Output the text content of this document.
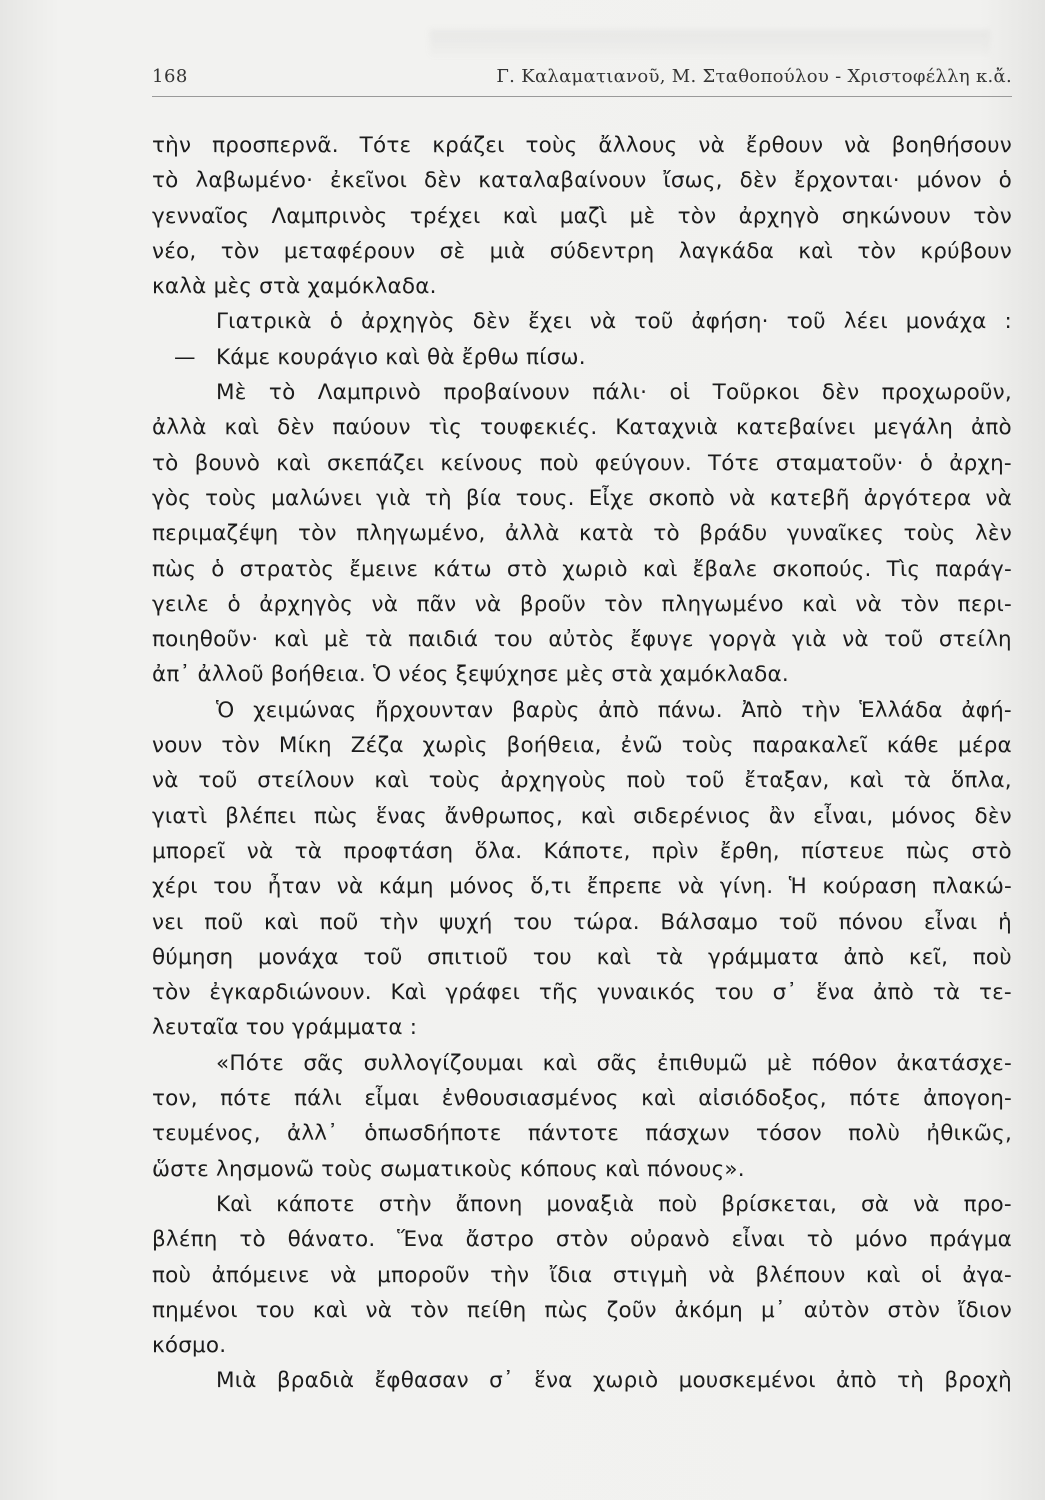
168	Γ. Καλαματιανοῦ, Μ. Σταθοπούλου - Χριστοφέλλη κ.ἄ.
τὴν προσπερνᾶ. Τότε κράζει τοὺς ἄλλους νὰ ἔρθουν νὰ βοηθήσουν
τὸ λαβωμένο· ἐκεῖνοι δὲν καταλαβαίνουν ἴσως, δὲν ἔρχονται· μόνον ὁ
γενναῖος Λαμπρινὸς τρέχει καὶ μαζὶ μὲ τὸν ἀρχηγὸ σηκώνουν τὸν
νέο, τὸν μεταφέρουν σὲ μιὰ σύδεντρη λαγκάδα καὶ τὸν κρύβουν
καλὰ μὲς στὰ χαμόκλαδα.
Γιατρικὰ ὁ ἀρχηγὸς δὲν ἔχει νὰ τοῦ ἀφήση· τοῦ λέει μονάχα :
— Κάμε κουράγιο καὶ θὰ ἔρθω πίσω.
Μὲ τὸ Λαμπρινὸ προβαίνουν πάλι· οἱ Τοῦρκοι δὲν προχωροῦν,
ἀλλὰ καὶ δὲν παύουν τὶς τουφεκιές. Καταχνιὰ κατεβαίνει μεγάλη ἀπὸ
τὸ βουνὸ καὶ σκεπάζει κείνους ποὺ φεύγουν. Τότε σταματοῦν· ὁ ἀρχη-
γὸς τοὺς μαλώνει γιὰ τὴ βία τους. Εἶχε σκοπὸ νὰ κατεβῆ ἀργότερα νὰ
περιμαζέψη τὸν πληγωμένο, ἀλλὰ κατὰ τὸ βράδυ γυναῖκες τοὺς λὲν
πὼς ὁ στρατὸς ἔμεινε κάτω στὸ χωριὸ καὶ ἔβαλε σκοπούς. Τὶς παράγ-
γειλε ὁ ἀρχηγὸς νὰ πᾶν νὰ βροῦν τὸν πληγωμένο καὶ νὰ τὸν περι-
ποιηθοῦν· καὶ μὲ τὰ παιδιά του αὐτὸς ἔφυγε γοργὰ γιὰ νὰ τοῦ στείλη
ἀπ᾽ ἀλλοῦ βοήθεια. Ὁ νέος ξεψύχησε μὲς στὰ χαμόκλαδα.
Ὁ χειμώνας ἤρχουνταν βαρὺς ἀπὸ πάνω. Ἀπὸ τὴν Ἑλλάδα ἀφή-
νουν τὸν Μίκη Ζέζα χωρὶς βοήθεια, ἐνῶ τοὺς παρακαλεῖ κάθε μέρα
νὰ τοῦ στείλουν καὶ τοὺς ἀρχηγοὺς ποὺ τοῦ ἔταξαν, καὶ τὰ ὅπλα,
γιατὶ βλέπει πὼς ἕνας ἄνθρωπος, καὶ σιδερένιος ἂν εἶναι, μόνος δὲν
μπορεῖ νὰ τὰ προφτάση ὅλα. Κάποτε, πρὶν ἔρθη, πίστευε πὼς στὸ
χέρι του ἦταν νὰ κάμη μόνος ὅ,τι ἔπρεπε νὰ γίνη. Ἡ κούραση πλακώ-
νει ποῦ καὶ ποῦ τὴν ψυχή του τώρα. Βάλσαμο τοῦ πόνου εἶναι ἡ
θύμηση μονάχα τοῦ σπιτιοῦ του καὶ τὰ γράμματα ἀπὸ κεῖ, ποὺ
τὸν ἐγκαρδιώνουν. Καὶ γράφει τῆς γυναικός του σ᾽ ἕνα ἀπὸ τὰ τε-
λευταῖα του γράμματα :
«Πότε σᾶς συλλογίζουμαι καὶ σᾶς ἐπιθυμῶ μὲ πόθον ἀκατάσχε-
τον, πότε πάλι εἶμαι ἐνθουσιασμένος καὶ αἰσιόδοξος, πότε ἀπογοη-
τευμένος, ἀλλ᾽ ὁπωσδήποτε πάντοτε πάσχων τόσον πολὺ ἠθικῶς,
ὥστε λησμονῶ τοὺς σωματικοὺς κόπους καὶ πόνους».
Καὶ κάποτε στὴν ἄπονη μοναξιὰ ποὺ βρίσκεται, σὰ νὰ προ-
βλέπη τὸ θάνατο. Ἕνα ἄστρο στὸν οὐρανὸ εἶναι τὸ μόνο πράγμα
ποὺ ἀπόμεινε νὰ μποροῦν τὴν ἴδια στιγμὴ νὰ βλέπουν καὶ οἱ ἀγα-
πημένοι του καὶ νὰ τὸν πείθη πὼς ζοῦν ἀκόμη μ᾽ αὐτὸν στὸν ἴδιον
κόσμο.
Μιὰ βραδιὰ ἔφθασαν σ᾽ ἕνα χωριὸ μουσκεμένοι ἀπὸ τὴ βροχὴ
